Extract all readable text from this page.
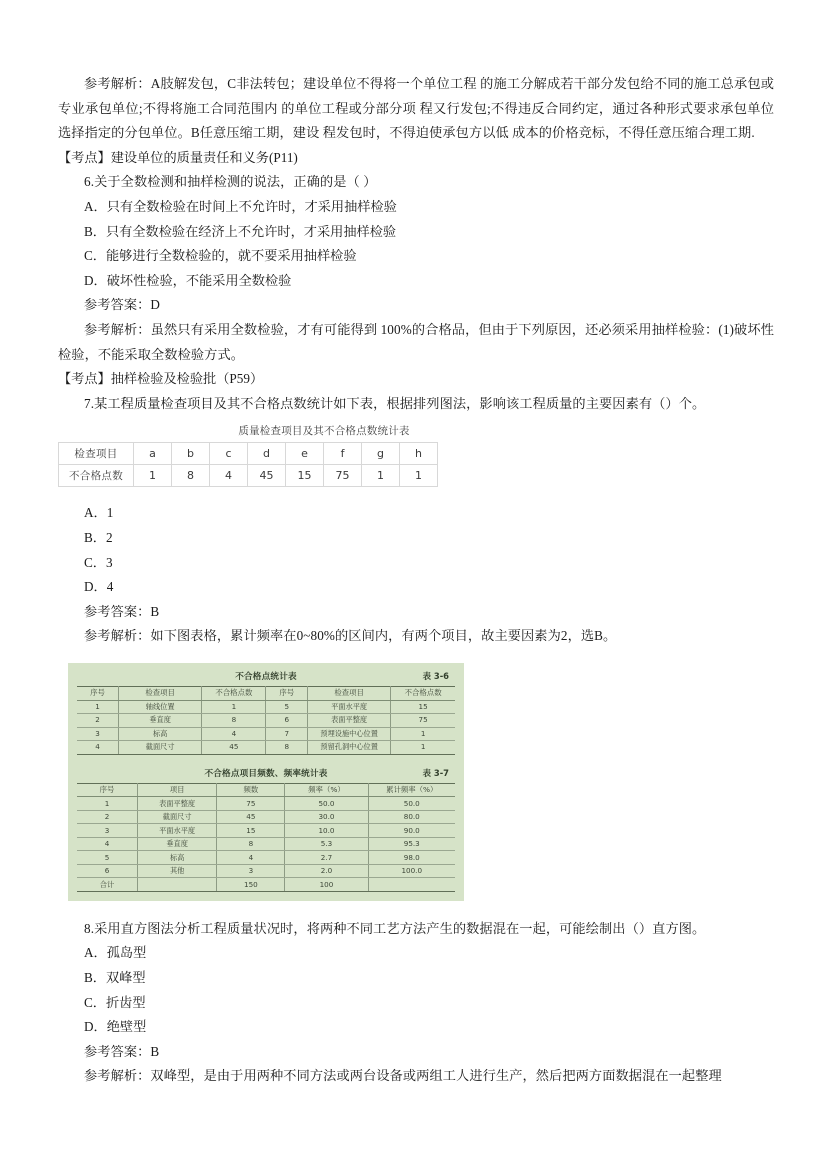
参考解析：A肢解发包，C非法转包；建设单位不得将一个单位工程 的施工分解成若干部分发包给不同的施工总承包或专业承包单位;不得将施工合同范围内 的单位工程或分部分项 程又行发包;不得违反合同约定，通过各种形式要求承包单位 选择指定的分包单位。B任意压缩工期，建设 程发包时，不得迫使承包方以低 成本的价格竞标，不得任意压缩合理工期.

【考点】建设单位的质量责任和义务(P11)

6.关于全数检测和抽样检测的说法，正确的是（ ）

A．只有全数检验在时间上不允许时，才采用抽样检验

B．只有全数检验在经济上不允许时，才采用抽样检验

C．能够进行全数检验的，就不要采用抽样检验

D．破坏性检验，不能采用全数检验

参考答案：D

参考解析：虽然只有采用全数检验，才有可能得到 100%的合格品，但由于下列原因，还必须采用抽样检验：(1)破坏性检验，不能采取全数检验方式。

【考点】抽样检验及检验批（P59）

7.某工程质量检查项目及其不合格点数统计如下表，根据排列图法，影响该工程质量的主要因素有（）个。

质量检查项目及其不合格点数统计表
检查项目	a	b	c	d	e	f	g	h
不合格点数	1	8	4	45	15	75	1	1

A．1

B．2

C．3

D．4

参考答案：B

参考解析：如下图表格，累计频率在0~80%的区间内，有两个项目，故主要因素为2，选B。

不合格点统计表	表 3-6
序号	检查项目	不合格点数	序号	检查项目	不合格点数
1	轴线位置	1	5	平面水平度	15
2	垂直度	8	6	表面平整度	75
3	标高	4	7	预埋设施中心位置	1
4	截面尺寸	45	8	预留孔洞中心位置	1
不合格点项目频数、频率统计表	表 3-7
序号	项目	频数	频率（%）	累计频率（%）
1	表面平整度	75	50.0	50.0
2	截面尺寸	45	30.0	80.0
3	平面水平度	15	10.0	90.0
4	垂直度	8	5.3	95.3
5	标高	4	2.7	98.0
6	其他	3	2.0	100.0
合计		150	100	

8.采用直方图法分析工程质量状况时，将两种不同工艺方法产生的数据混在一起，可能绘制出（）直方图。

A．孤岛型

B．双峰型

C．折齿型

D．绝壁型

参考答案：B

参考解析：双峰型，是由于用两种不同方法或两台设备或两组工人进行生产，然后把两方面数据混在一起整理
